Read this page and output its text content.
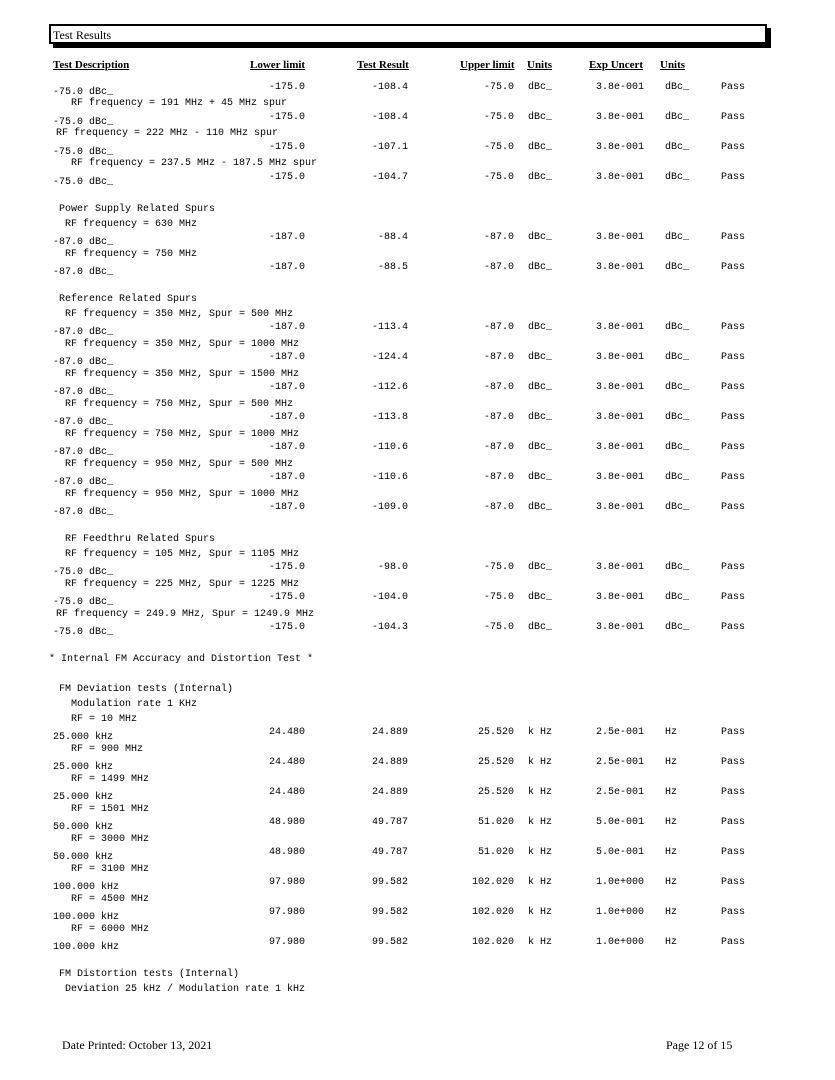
Test Results
Test Description	Lower limit	Test Result	Upper limit Units	Exp Uncert Units
-75.0 dBc_	-175.0	-108.4	-75.0 dBc_	3.8e-001 dBc_	Pass
RF frequency = 191 MHz + 45 MHz spur
-75.0 dBc_	-175.0	-108.4	-75.0 dBc_	3.8e-001 dBc_	Pass
RF frequency = 222 MHz - 110 MHz spur
-75.0 dBc_	-175.0	-107.1	-75.0 dBc_	3.8e-001 dBc_	Pass
RF frequency = 237.5 MHz - 187.5 MHz spur
-75.0 dBc_	-175.0	-104.7	-75.0 dBc_	3.8e-001 dBc_	Pass
Power Supply Related Spurs
RF frequency = 630 MHz
-87.0 dBc_	-187.0	-88.4	-87.0 dBc_	3.8e-001 dBc_	Pass
RF frequency = 750 MHz
-87.0 dBc_	-187.0	-88.5	-87.0 dBc_	3.8e-001 dBc_	Pass
Reference Related Spurs
RF frequency = 350 MHz, Spur = 500 MHz
-87.0 dBc_	-187.0	-113.4	-87.0 dBc_	3.8e-001 dBc_	Pass
RF frequency = 350 MHz, Spur = 1000 MHz
-87.0 dBc_	-187.0	-124.4	-87.0 dBc_	3.8e-001 dBc_	Pass
RF frequency = 350 MHz, Spur = 1500 MHz
-87.0 dBc_	-187.0	-112.6	-87.0 dBc_	3.8e-001 dBc_	Pass
RF frequency = 750 MHz, Spur = 500 MHz
-87.0 dBc_	-187.0	-113.8	-87.0 dBc_	3.8e-001 dBc_	Pass
RF frequency = 750 MHz, Spur = 1000 MHz
-87.0 dBc_	-187.0	-110.6	-87.0 dBc_	3.8e-001 dBc_	Pass
RF frequency = 950 MHz, Spur = 500 MHz
-87.0 dBc_	-187.0	-110.6	-87.0 dBc_	3.8e-001 dBc_	Pass
RF frequency = 950 MHz, Spur = 1000 MHz
-87.0 dBc_	-187.0	-109.0	-87.0 dBc_	3.8e-001 dBc_	Pass
RF Feedthru Related Spurs
RF frequency = 105 MHz, Spur = 1105 MHz
-75.0 dBc_	-175.0	-98.0	-75.0 dBc_	3.8e-001 dBc_	Pass
RF frequency = 225 MHz, Spur = 1225 MHz
-75.0 dBc_	-175.0	-104.0	-75.0 dBc_	3.8e-001 dBc_	Pass
RF frequency = 249.9 MHz, Spur = 1249.9 MHz
-75.0 dBc_	-175.0	-104.3	-75.0 dBc_	3.8e-001 dBc_	Pass
* Internal FM Accuracy and Distortion Test *
FM Deviation tests (Internal)
Modulation rate 1 KHz
RF = 10 MHz
25.000 kHz	24.480	24.889	25.520 k Hz	2.5e-001 Hz	Pass
RF = 900 MHz
25.000 kHz	24.480	24.889	25.520 k Hz	2.5e-001 Hz	Pass
RF = 1499 MHz
25.000 kHz	24.480	24.889	25.520 k Hz	2.5e-001 Hz	Pass
RF = 1501 MHz
50.000 kHz	48.980	49.787	51.020 k Hz	5.0e-001 Hz	Pass
RF = 3000 MHz
50.000 kHz	48.980	49.787	51.020 k Hz	5.0e-001 Hz	Pass
RF = 3100 MHz
100.000 kHz	97.980	99.582	102.020 k Hz	1.0e+000 Hz	Pass
RF = 4500 MHz
100.000 kHz	97.980	99.582	102.020 k Hz	1.0e+000 Hz	Pass
RF = 6000 MHz
100.000 kHz	97.980	99.582	102.020 k Hz	1.0e+000 Hz	Pass
FM Distortion tests (Internal)
Deviation 25 kHz / Modulation rate 1 kHz
Date Printed: October 13, 2021	Page 12 of 15
